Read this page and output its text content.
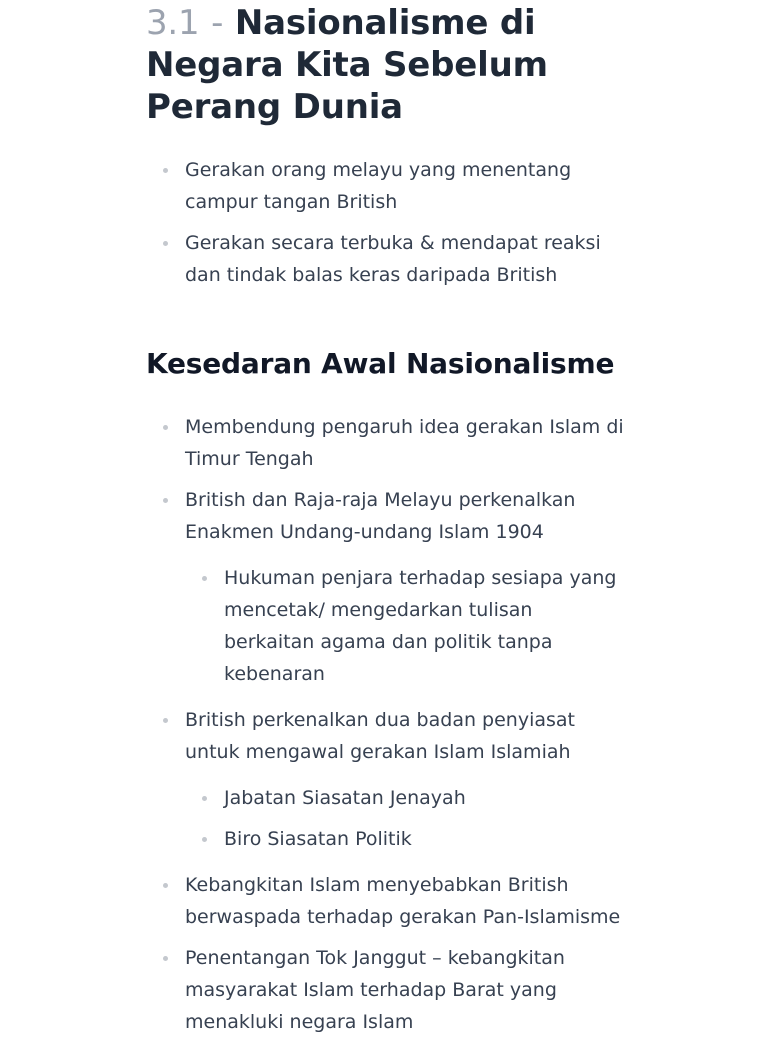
3.1 - Nasionalisme di Negara Kita Sebelum Perang Dunia
Gerakan orang melayu yang menentang campur tangan British
Gerakan secara terbuka & mendapat reaksi dan tindak balas keras daripada British
Kesedaran Awal Nasionalisme
Membendung pengaruh idea gerakan Islam di Timur Tengah
British dan Raja-raja Melayu perkenalkan Enakmen Undang-undang Islam 1904
Hukuman penjara terhadap sesiapa yang mencetak/ mengedarkan tulisan berkaitan agama dan politik tanpa kebenaran
British perkenalkan dua badan penyiasat untuk mengawal gerakan Islam Islamiah
Jabatan Siasatan Jenayah
Biro Siasatan Politik
Kebangkitan Islam menyebabkan British berwaspada terhadap gerakan Pan-Islamisme
Penentangan Tok Janggut – kebangkitan masyarakat Islam terhadap Barat yang menakluki negara Islam
